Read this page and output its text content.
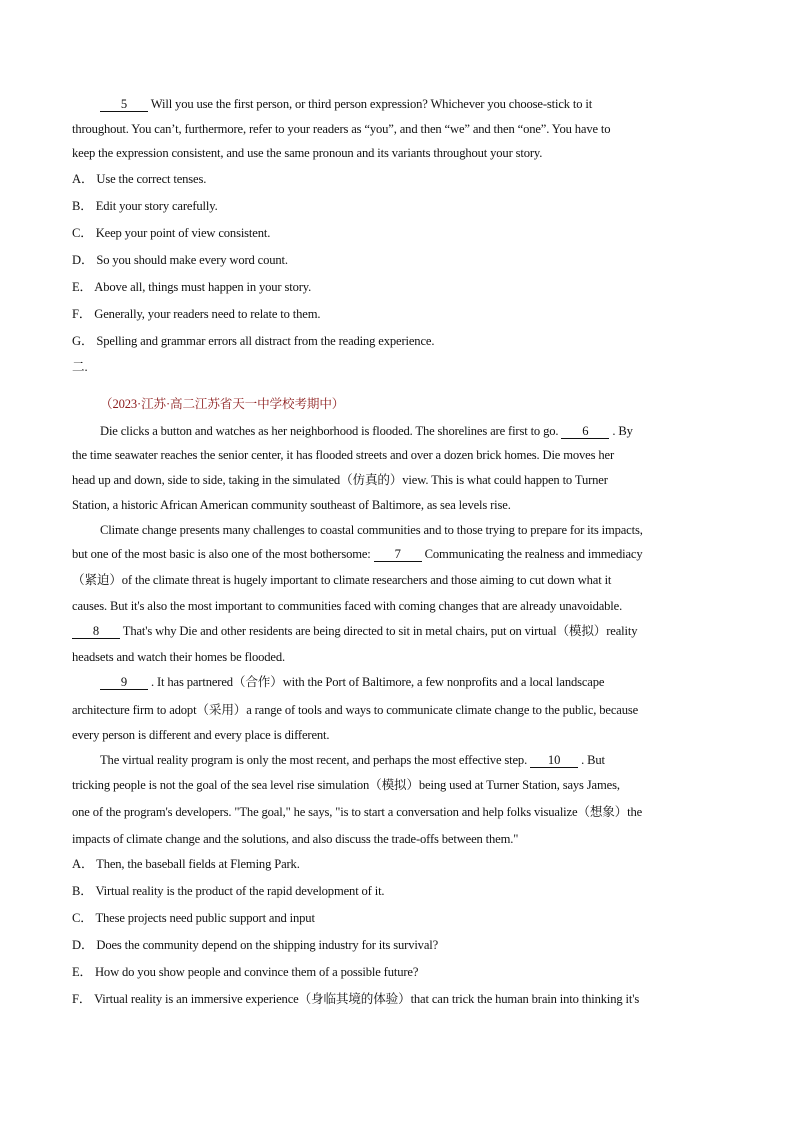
5 Will you use the first person, or third person expression? Whichever you choose-stick to it
throughout. You can’t, furthermore, refer to your readers as “you”, and then “we” and then “one”. You have to
keep the expression consistent, and use the same pronoun and its variants throughout your story.
A． Use the correct tenses.
B． Edit your story carefully.
C． Keep your point of view consistent.
D． So you should make every word count.
E． Above all, things must happen in your story.
F． Generally, your readers need to relate to them.
G． Spelling and grammar errors all distract from the reading experience.
二.
（2023·江苏·高二江苏省天一中学校考期中）
Die clicks a button and watches as her neighborhood is flooded. The shorelines are first to go. 6 . By
the time seawater reaches the senior center, it has flooded streets and over a dozen brick homes. Die moves her
head up and down, side to side, taking in the simulated（仿真的）view. This is what could happen to Turner
Station, a historic African American community southeast of Baltimore, as sea levels rise.
Climate change presents many challenges to coastal communities and to those trying to prepare for its impacts,
but one of the most basic is also one of the most bothersome: 7 Communicating the realness and immediacy
（紧迫）of the climate threat is hugely important to climate researchers and those aiming to cut down what it
causes. But it's also the most important to communities faced with coming changes that are already unavoidable.
8 That's why Die and other residents are being directed to sit in metal chairs, put on virtual（模拟）reality
headsets and watch their homes be flooded.
9 . It has partnered（合作）with the Port of Baltimore, a few nonprofits and a local landscape
architecture firm to adopt（采用）a range of tools and ways to communicate climate change to the public, because
every person is different and every place is different.
The virtual reality program is only the most recent, and perhaps the most effective step. 10 . But
tricking people is not the goal of the sea level rise simulation（模拟）being used at Turner Station, says James,
one of the program's developers. "The goal," he says, "is to start a conversation and help folks visualize（想象）the
impacts of climate change and the solutions, and also discuss the trade-offs between them."
A． Then, the baseball fields at Fleming Park.
B． Virtual reality is the product of the rapid development of it.
C． These projects need public support and input
D． Does the community depend on the shipping industry for its survival?
E． How do you show people and convince them of a possible future?
F． Virtual reality is an immersive experience（身临其境的体验）that can trick the human brain into thinking it's
